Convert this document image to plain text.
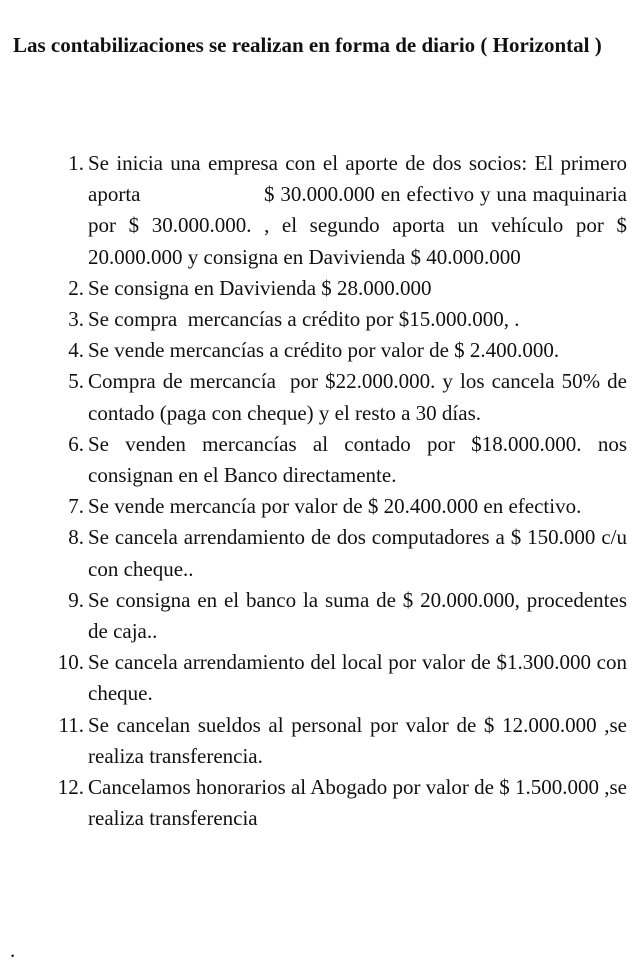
Las contabilizaciones se realizan en forma de diario ( Horizontal )
1. Se inicia una empresa con el aporte de dos socios: El primero aporta                     $ 30.000.000 en efectivo y una maquinaria por $ 30.000.000. , el segundo aporta un vehículo por $ 20.000.000 y consigna en Davivienda $ 40.000.000
2. Se consigna en Davivienda $ 28.000.000
3. Se compra  mercancías a crédito por $15.000.000, .
4. Se vende mercancías a crédito por valor de $ 2.400.000.
5. Compra de mercancía  por $22.000.000. y los cancela 50% de contado (paga con cheque) y el resto a 30 días.
6. Se venden mercancías al contado por $18.000.000. nos consignan en el Banco directamente.
7. Se vende mercancía por valor de $ 20.400.000 en efectivo.
8. Se cancela arrendamiento de dos computadores a $ 150.000 c/u con cheque..
9. Se consigna en el banco la suma de $ 20.000.000, procedentes de caja..
10. Se cancela arrendamiento del local por valor de $1.300.000 con cheque.
11. Se cancelan sueldos al personal por valor de $ 12.000.000 ,se realiza transferencia.
12. Cancelamos honorarios al Abogado por valor de $ 1.500.000 ,se realiza transferencia
.
